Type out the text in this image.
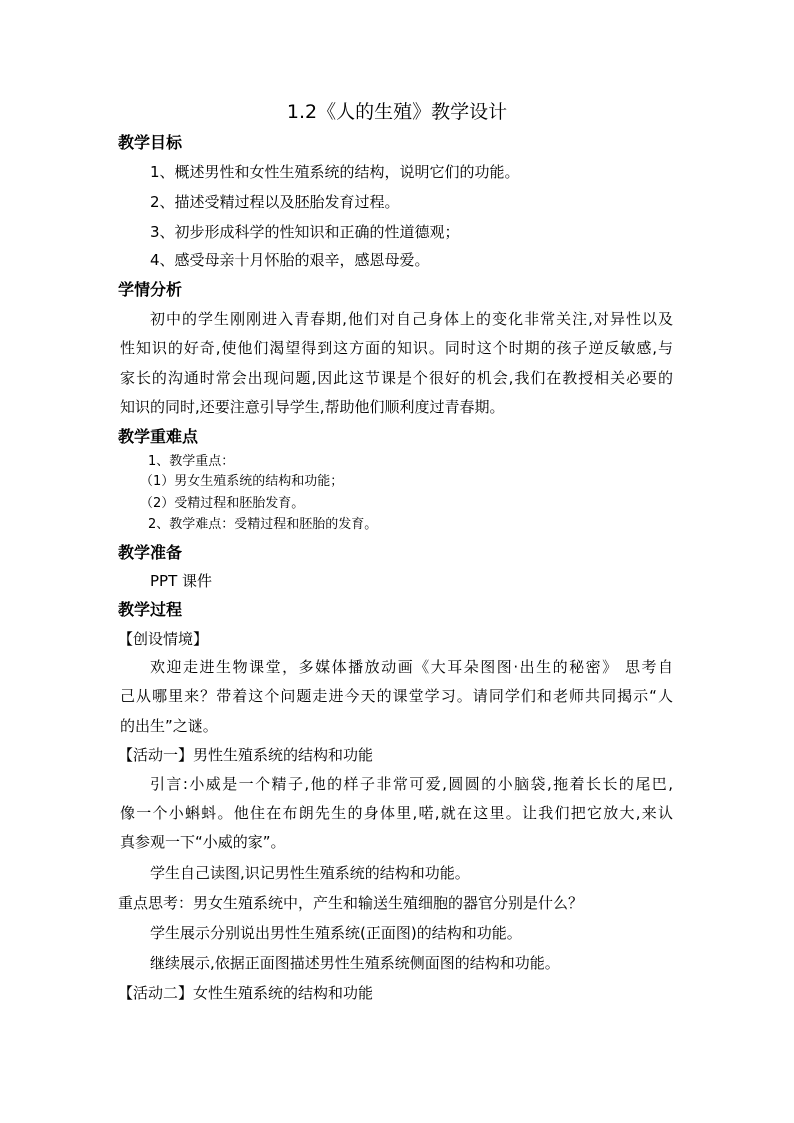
1.2《人的生殖》教学设计
教学目标
1、概述男性和女性生殖系统的结构，说明它们的功能。
2、描述受精过程以及胚胎发育过程。
3、初步形成科学的性知识和正确的性道德观；
4、感受母亲十月怀胎的艰辛，感恩母爱。
学情分析
初中的学生刚刚进入青春期,他们对自己身体上的变化非常关注,对异性以及
性知识的好奇,使他们渴望得到这方面的知识。同时这个时期的孩子逆反敏感,与
家长的沟通时常会出现问题,因此这节课是个很好的机会,我们在教授相关必要的
知识的同时,还要注意引导学生,帮助他们顺利度过青春期。
教学重难点
1、教学重点：
（1）男女生殖系统的结构和功能；
（2）受精过程和胚胎发育。
2、教学难点：受精过程和胚胎的发育。
教学准备
PPT 课件
教学过程
【创设情境】
欢迎走进生物课堂，多媒体播放动画《大耳朵图图·出生的秘密》 思考自
己从哪里来？带着这个问题走进今天的课堂学习。请同学们和老师共同揭示“人
的出生”之谜。
【活动一】男性生殖系统的结构和功能
引言:小威是一个精子,他的样子非常可爱,圆圆的小脑袋,拖着长长的尾巴,
像一个小蝌蚪。他住在布朗先生的身体里,喏,就在这里。让我们把它放大,来认
真参观一下“小威的家”。
学生自己读图,识记男性生殖系统的结构和功能。
重点思考：男女生殖系统中，产生和输送生殖细胞的器官分别是什么？
学生展示分别说出男性生殖系统(正面图)的结构和功能。
继续展示,依据正面图描述男性生殖系统侧面图的结构和功能。
【活动二】女性生殖系统的结构和功能
